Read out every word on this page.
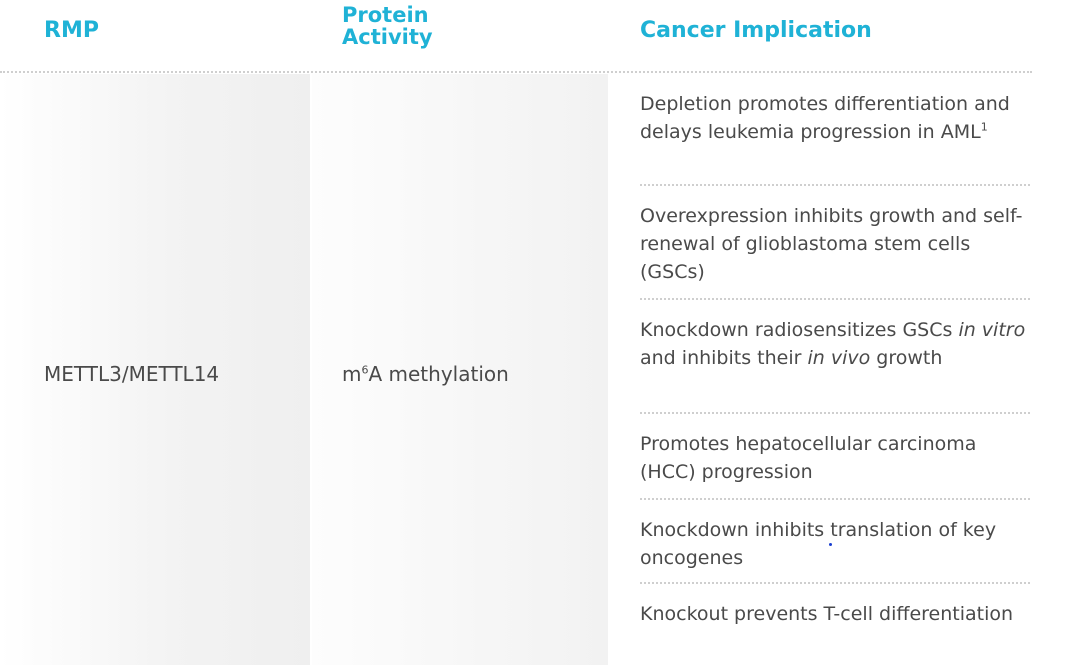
RMP
Protein
Activity	Cancer Implication
METTL3/METTL14	$m^6A$ methylation
Depletion promotes differentiation and delays leukemia progression in AML$^1$
Overexpression inhibits growth and self-renewal of glioblastoma stem cells (GSCs)
Knockdown radiosensitizes GSCs in vitro and inhibits their in vivo growth
Promotes hepatocellular carcinoma (HCC) progression
Knockdown inhibits translation of key oncogenes
Knockout prevents T-cell differentiation
